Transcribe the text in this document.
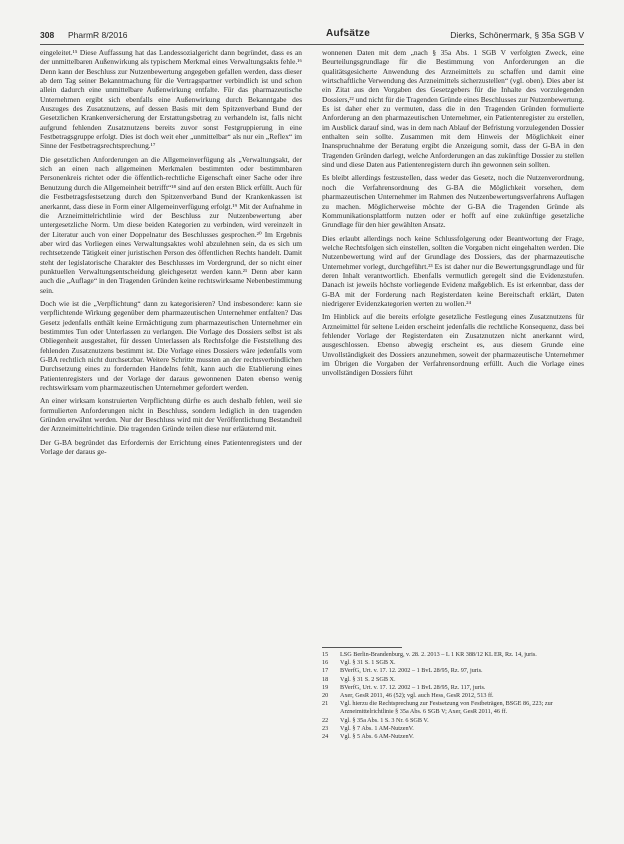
308 PharmR 8/2016	Aufsätze	Dierks, Schönermark, § 35a SGB V

eingeleitet.¹⁵ Diese Auffassung hat das Landessozialgericht dann begründet, dass es an der unmittelbaren Außenwirkung als typischem Merkmal eines Verwaltungsakts fehle.¹⁶ Denn kann der Beschluss zur Nutzenbewertung angegeben gefallen werden, dass dieser ab dem Tag seiner Bekanntmachung für die Vertragspartner verbindlich ist und schon allein dadurch eine unmittelbare Außenwirkung entfalte. Für das pharmazeutische Unternehmen ergibt sich ebenfalls eine Außenwirkung durch Bekanntgabe des Auszuges des Zusatznutzens, auf dessen Basis mit dem Spitzenverband Bund der Gesetzlichen Krankenversicherung der Erstattungsbetrag zu verhandeln ist, falls nicht aufgrund fehlenden Zusatznutzens bereits zuvor sonst Festgruppierung in eine Festbetragsgruppe erfolgt. Dies ist doch weit eher „unmittelbar“ als nur ein „Reflex“ im Sinne der Festbetragsrechtsprechung.¹⁷

Die gesetzlichen Anforderungen an die Allgemeinverfügung als „Verwaltungsakt, der sich an einen nach allgemeinen Merkmalen bestimmten oder bestimmbaren Personenkreis richtet oder die öffentlich-rechtliche Eigenschaft einer Sache oder ihre Benutzung durch die Allgemeinheit betrifft“¹⁸ sind auf den ersten Blick erfüllt. Auch für die Festbetragsfestsetzung durch den Spitzenverband Bund der Krankenkassen ist anerkannt, dass diese in Form einer Allgemeinverfügung erfolgt.¹⁹ Mit der Aufnahme in die Arzneimittelrichtlinie wird der Beschluss zur Nutzenbewertung aber untergesetzliche Norm. Um diese beiden Kategorien zu verbinden, wird vereinzelt in der Literatur auch von einer Doppelnatur des Beschlusses gesprochen.²⁰ Im Ergebnis aber wird das Vorliegen eines Verwaltungsaktes wohl abzulehnen sein, da es sich um rechtsetzende Tätigkeit einer juristischen Person des öffentlichen Rechts handelt. Damit steht der legislatorische Charakter des Beschlusses im Vordergrund, der so nicht einer punktuellen Verwaltungsentscheidung gleichgesetzt werden kann.²¹ Denn aber kann auch die „Auflage“ in den Tragenden Gründen keine rechtswirksame Nebenbestimmung sein.

Doch wie ist die „Verpflichtung“ dann zu kategorisieren? Und insbesondere: kann sie verpflichtende Wirkung gegenüber dem pharmazeutischen Unternehmer entfalten? Das Gesetz jedenfalls enthält keine Ermächtigung zum pharmazeutischen Unternehmer ein bestimmtes Tun oder Unterlassen zu verlangen. Die Vorlage des Dossiers selbst ist als Obliegenheit ausgestaltet, für dessen Unterlassen als Rechtsfolge die Feststellung des fehlenden Zusatznutzens bestimmt ist. Die Vorlage eines Dossiers wäre jedenfalls vom G-BA rechtlich nicht durchsetzbar. Weitere Schritte mussten an der rechtsverbindlichen Durchsetzung eines zu fordernden Handelns fehlt, kann auch die Etablierung eines Patientenregisters und der Vorlage der daraus gewonnenen Daten ebenso wenig rechtswirksam vom pharmazeutischen Unternehmer gefordert werden.

An einer wirksam konstruierten Verpflichtung dürfte es auch deshalb fehlen, weil sie formulierten Anforderungen nicht in Beschluss, sondern lediglich in den tragenden Gründen erwähnt werden. Nur der Beschluss wird mit der Veröffentlichung Bestandteil der Arzneimittelrichtlinie. Die tragenden Gründe teilen diese nur erläuternd mit.

Der G-BA begründet das Erfordernis der Errichtung eines Patientenregisters und der Vorlage der daraus ge-

wonnenen Daten mit dem „nach § 35a Abs. 1 SGB V verfolgten Zweck, eine Beurteilungsgrundlage für die Bestimmung von Anforderungen an die qualitätsgesicherte Anwendung des Arzneimittels zu schaffen und damit eine wirtschaftliche Verwendung des Arzneimittels sicherzustellen“ (vgl. oben). Dies aber ist ein Zitat aus den Vorgaben des Gesetzgebers für die Inhalte des vorzulegenden Dossiers,²² und nicht für die Tragenden Gründe eines Beschlusses zur Nutzenbewertung. Es ist daher eher zu vermuten, dass die in den Tragenden Gründen formulierte Anforderung an den pharmazeutischen Unternehmer, ein Patientenregister zu erstellen, im Ausblick darauf sind, was in dem nach Ablauf der Befristung vorzulegenden Dossier enthalten sein sollte. Zusammen mit dem Hinweis der Möglichkeit einer Inanspruchnahme der Beratung ergibt die Anzeigung somit, dass der G-BA in den Tragenden Gründen darlegt, welche Anforderungen an das zukünftige Dossier zu stellen sind und diese Daten aus Patientenregistern durch ihn gewonnen sein sollten.

Es bleibt allerdings festzustellen, dass weder das Gesetz, noch die Nutzenverordnung, noch die Verfahrensordnung des G-BA die Möglichkeit vorsehen, dem pharmazeutischen Unternehmer im Rahmen des Nutzenbewertungsverfahrens Auflagen zu machen. Möglicherweise möchte der G-BA die Tragenden Gründe als Kommunikationsplattform nutzen oder er hofft auf eine zukünftige gesetzliche Grundlage für den hier gewählten Ansatz.

Dies erlaubt allerdings noch keine Schlussfolgerung oder Beantwortung der Frage, welche Rechtsfolgen sich einstellen, sollten die Vorgaben nicht eingehalten werden. Die Nutzenbewertung wird auf der Grundlage des Dossiers, das der pharmazeutische Unternehmer vorlegt, durchgeführt.²³ Es ist daher nur die Bewertungsgrundlage und für deren Inhalt verantwortlich. Ebenfalls vermutlich geregelt sind die Evidenzstufen. Danach ist jeweils höchste vorliegende Evidenz maßgeblich. Es ist erkennbar, dass der G-BA mit der Forderung nach Registerdaten keine Bereitschaft erklärt, Daten niedrigerer Evidenzkategorien werten zu wollen.²⁴

Im Hinblick auf die bereits erfolgte gesetzliche Festlegung eines Zusatznutzens für Arzneimittel für seltene Leiden erscheint jedenfalls die rechtliche Konsequenz, dass bei fehlender Vorlage der Registerdaten ein Zusatznutzen nicht anerkannt wird, ausgeschlossen. Ebenso abwegig erscheint es, aus diesem Grunde eine Unvollständigkeit des Dossiers anzunehmen, soweit der pharmazeutische Unternehmer im Übrigen die Vorgaben der Verfahrensordnung erfüllt. Auch die Vorlage eines unvollständigen Dossiers führt

15 LSG Berlin-Brandenburg, v. 28. 2. 2013 – L 1 KR 388/12 KL ER, Rz. 14, juris.
16 Vgl. § 31 S. 1 SGB X.
17 BVerfG, Urt. v. 17. 12. 2002 – 1 BvL 28/95, Rz. 97, juris.
18 Vgl. § 31 S. 2 SGB X.
19 BVerfG, Urt. v. 17. 12. 2002 – 1 BvL 28/95, Rz. 117, juris.
20 Axer, GesR 2011, 46 (52); vgl. auch Hess, GesR 2012, 513 ff.
21 Vgl. hierzu die Rechtsprechung zur Festsetzung von Festbeträgen, BSGE 86, 223; zur Arzneimittelrichtlinie § 35a Abs. 6 SGB V; Axer, GesR 2011, 46 ff.
22 Vgl. § 35a Abs. 1 S. 3 Nr. 6 SGB V.
23 Vgl. § 7 Abs. 1 AM-NutzenV.
24 Vgl. § 5 Abs. 6 AM-NutzenV.
